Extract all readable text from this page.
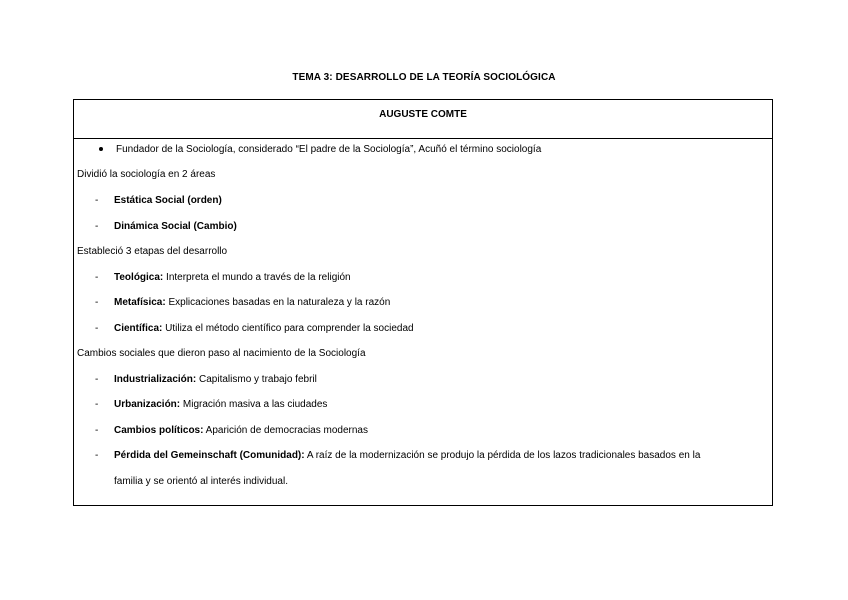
TEMA 3: DESARROLLO DE LA TEORÍA SOCIOLÓGICA
AUGUSTE COMTE
Fundador de la Sociología, considerado “El padre de la Sociología”, Acuñó el término sociología
Dividió la sociología en 2 áreas
- Estática Social (orden)
- Dinámica Social (Cambio)
Estableció 3 etapas del desarrollo
- Teológica: Interpreta el mundo a través de la religión
- Metafísica: Explicaciones basadas en la naturaleza y la razón
- Científica: Utiliza el método científico para comprender la sociedad
Cambios sociales que dieron paso al nacimiento de la Sociología
- Industrialización: Capitalismo y trabajo febril
- Urbanización: Migración masiva a las ciudades
- Cambios políticos: Aparición de democracias modernas
- Pérdida del Gemeinschaft (Comunidad): A raíz de la modernización se produjo la pérdida de los lazos tradicionales basados en la
familia y se orientó al interés individual.
